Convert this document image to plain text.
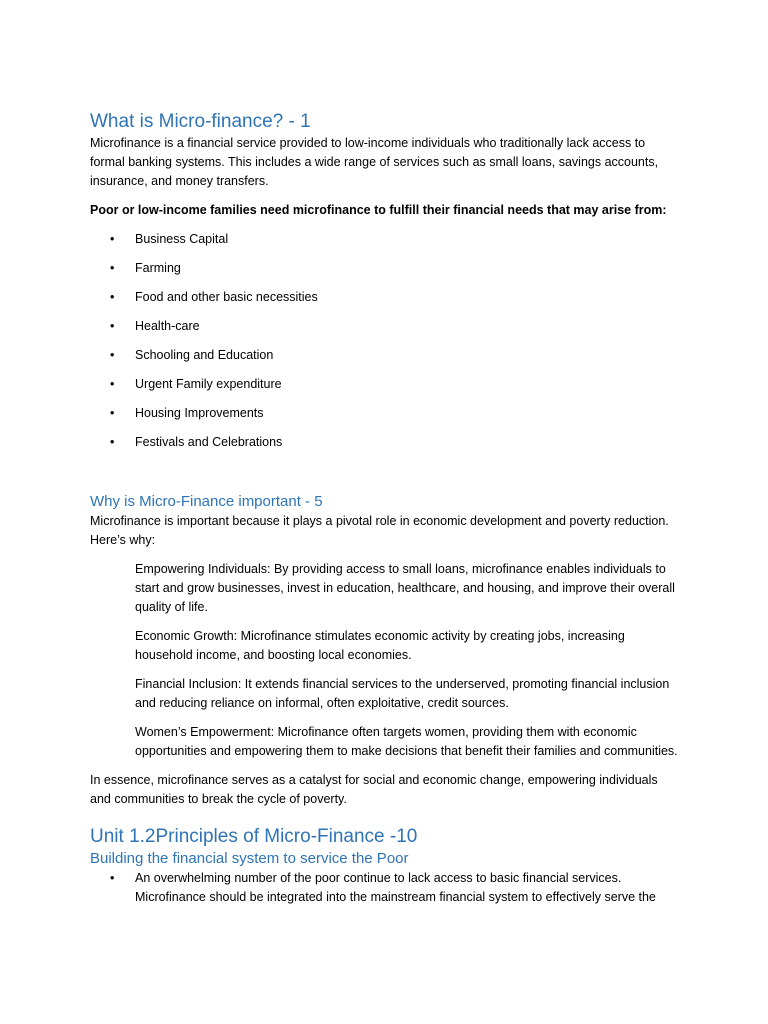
What is Micro-finance? - 1

Microfinance is a financial service provided to low-income individuals who traditionally lack access to formal banking systems. This includes a wide range of services such as small loans, savings accounts, insurance, and money transfers.

Poor or low-income families need microfinance to fulfill their financial needs that may arise from:

• Business Capital
• Farming
• Food and other basic necessities
• Health-care
• Schooling and Education
• Urgent Family expenditure
• Housing Improvements
• Festivals and Celebrations
Why is Micro-Finance important - 5

Microfinance is important because it plays a pivotal role in economic development and poverty reduction. Here’s why:

Empowering Individuals: By providing access to small loans, microfinance enables individuals to start and grow businesses, invest in education, healthcare, and housing, and improve their overall quality of life.

Economic Growth: Microfinance stimulates economic activity by creating jobs, increasing household income, and boosting local economies.

Financial Inclusion: It extends financial services to the underserved, promoting financial inclusion and reducing reliance on informal, often exploitative, credit sources.

Women’s Empowerment: Microfinance often targets women, providing them with economic opportunities and empowering them to make decisions that benefit their families and communities.

In essence, microfinance serves as a catalyst for social and economic change, empowering individuals and communities to break the cycle of poverty.

Unit 1.2Principles of Micro-Finance -10
Building the financial system to service the Poor
• An overwhelming number of the poor continue to lack access to basic financial services. Microfinance should be integrated into the mainstream financial system to effectively serve the
